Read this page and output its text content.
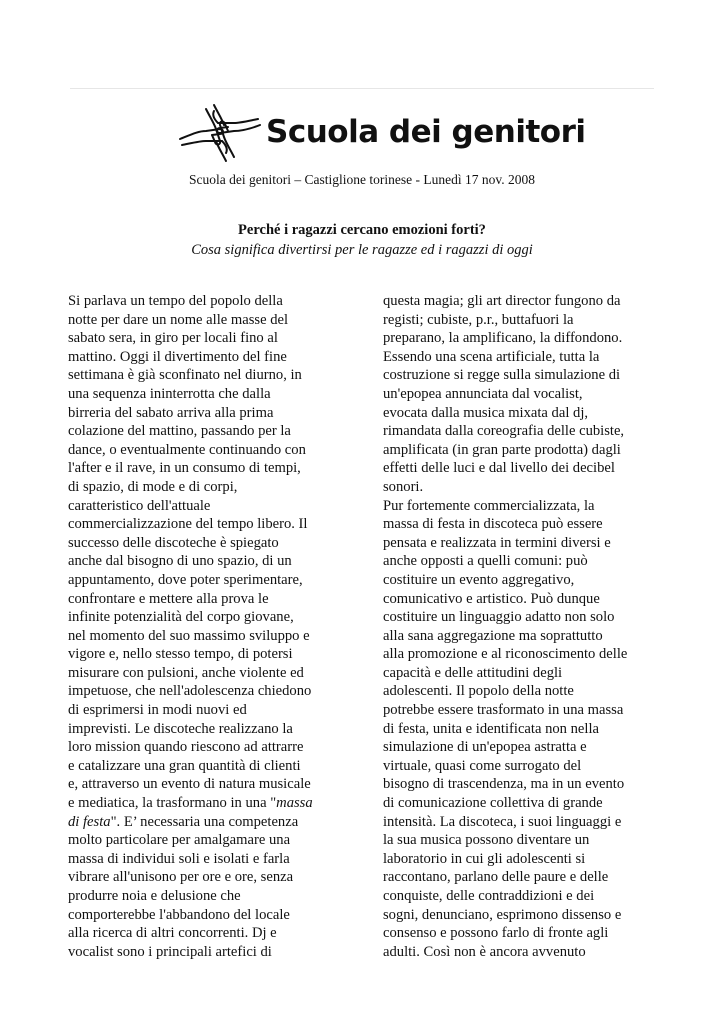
Scuola dei genitori
Scuola dei genitori – Castiglione torinese - Lunedì 17 nov. 2008
Perché i ragazzi cercano emozioni forti?
Cosa significa divertirsi per le ragazze ed i ragazzi di oggi
Si parlava un tempo del popolo della
notte per dare un nome alle masse del
sabato sera, in giro per locali fino al
mattino. Oggi il divertimento del fine
settimana è già sconfinato nel diurno, in
una sequenza ininterrotta che dalla
birreria del sabato arriva alla prima
colazione del mattino, passando per la
dance, o eventualmente continuando con
l'after e il rave, in un consumo di tempi,
di spazio, di mode e di corpi,
caratteristico dell'attuale
commercializzazione del tempo libero. Il
successo delle discoteche è spiegato
anche dal bisogno di uno spazio, di un
appuntamento, dove poter sperimentare,
confrontare e mettere alla prova le
infinite potenzialità del corpo giovane,
nel momento del suo massimo sviluppo e
vigore e, nello stesso tempo, di potersi
misurare con pulsioni, anche violente ed
impetuose, che nell'adolescenza chiedono
di esprimersi in modi nuovi ed
imprevisti. Le discoteche realizzano la
loro mission quando riescono ad attrarre
e catalizzare una gran quantità di clienti
e, attraverso un evento di natura musicale
e mediatica, la trasformano in una "massa
di festa". E’ necessaria una competenza
molto particolare per amalgamare una
massa di individui soli e isolati e farla
vibrare all'unisono per ore e ore, senza
produrre noia e delusione che
comporterebbe l'abbandono del locale
alla ricerca di altri concorrenti. Dj e
vocalist sono i principali artefici di
questa magia; gli art director fungono da
registi; cubiste, p.r., buttafuori la
preparano, la amplificano, la diffondono.
Essendo una scena artificiale, tutta la
costruzione si regge sulla simulazione di
un'epopea annunciata dal vocalist,
evocata dalla musica mixata dal dj,
rimandata dalla coreografia delle cubiste,
amplificata (in gran parte prodotta) dagli
effetti delle luci e dal livello dei decibel
sonori.
Pur fortemente commercializzata, la
massa di festa in discoteca può essere
pensata e realizzata in termini diversi e
anche opposti a quelli comuni: può
costituire un evento aggregativo,
comunicativo e artistico. Può dunque
costituire un linguaggio adatto non solo
alla sana aggregazione ma soprattutto
alla promozione e al riconoscimento delle
capacità e delle attitudini degli
adolescenti. Il popolo della notte
potrebbe essere trasformato in una massa
di festa, unita e identificata non nella
simulazione di un'epopea astratta e
virtuale, quasi come surrogato del
bisogno di trascendenza, ma in un evento
di comunicazione collettiva di grande
intensità. La discoteca, i suoi linguaggi e
la sua musica possono diventare un
laboratorio in cui gli adolescenti si
raccontano, parlano delle paure e delle
conquiste, delle contraddizioni e dei
sogni, denunciano, esprimono dissenso e
consenso e possono farlo di fronte agli
adulti. Così non è ancora avvenuto
